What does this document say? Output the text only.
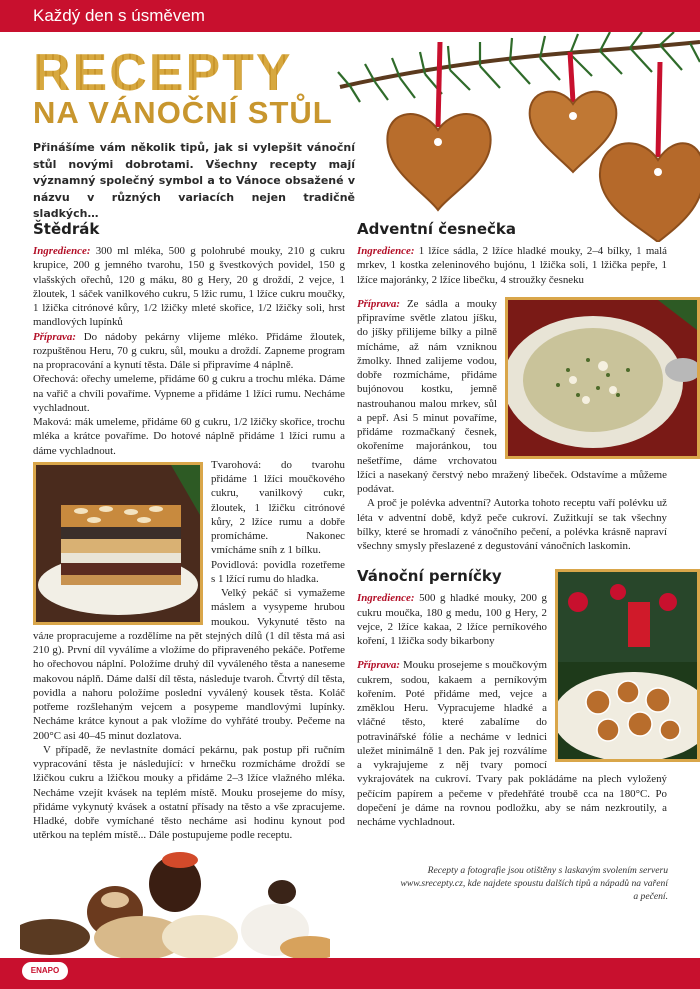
Každý den s úsměvem
RECEPTY
NA VÁNOČNÍ STŮL
Přinášíme vám několik tipů, jak si vylepšit vánoční stůl novými dobrotami. Všechny recepty mají významný společný symbol a to Vánoce obsažené v názvu v různých variacích nejen tradičně sladkých…
Štědrák

Ingredience: 300 ml mléka, 500 g polohrubé mouky, 210 g cukru krupice, 200 g jemného tvarohu, 150 g švestkových povidel, 150 g vlašských ořechů, 120 g máku, 80 g Hery, 20 g droždí, 2 vejce, 1 žloutek, 1 sáček vanilkového cukru, 5 lžic rumu, 1 lžíce cukru moučky, 1 lžička citrónové kůry, 1/2 lžičky mleté skořice, 1/2 lžičky soli, hrst mandlových lupínků

Příprava: Do nádoby pekárny vlijeme mléko. Přidáme žloutek, rozpuštěnou Heru, 70 g cukru, sůl, mouku a droždí. Zapneme program na propracování a kynutí těsta. Dále si připravíme 4 náplně.

Ořechová: ořechy umeleme, přidáme 60 g cukru a trochu mléka. Dáme na vařič a chvíli povaříme. Vypneme a přidáme 1 lžíci rumu. Necháme vychladnout.

Maková: mák umeleme, přidáme 60 g cukru, 1/2 lžičky skořice, trochu mléka a krátce povaříme. Do hotové náplně přidáme 1 lžíci rumu a dáme vychladnout.

Tvarohová: do tvarohu přidáme 1 lžíci moučkového cukru, vanilkový cukr, žloutek, 1 lžičku citrónové kůry, 2 lžíce rumu a dobře promícháme. Nakonec vmícháme sníh z 1 bílku.

Povidlová: povidla rozetřeme s 1 lžící rumu do hladka.

Velký pekáč si vymažeme máslem a vysypeme hrubou moukou. Vykynuté těsto na váле propracujeme a rozdělíme na pět stejných dílů (1 díl těsta má asi 210 g). První díl vyválíme a vložíme do připraveného pekáče. Potřeme ho ořechovou náplní. Položíme druhý díl vyváleného těsta a naneseme makovou náplň. Dáme další díl těsta, následuje tvaroh. Čtvrtý díl těsta, povidla a nahoru položíme poslední vyválený kousek těsta. Koláč potřeme rozšlehaným vejcem a posypeme mandlovými lupínky. Necháme krátce kynout a pak vložíme do vyhřáté trouby. Pečeme na 200°C asi 40–45 minut dozlatova.

V případě, že nevlastníte domácí pekárnu, pak postup při ručním vypracování těsta je následující: v hrnečku rozmícháme droždí se lžičkou cukru a lžičkou mouky a přidáme 2–3 lžíce vlažného mléka. Necháme vzejít kvásek na teplém místě. Mouku prosejeme do mísy, přidáme vykynutý kvásek a ostatní přísady na těsto a vše zpracujeme. Hladké, dobře vymíchané těsto necháme asi hodinu kynout pod utěrkou na teplém místě... Dále postupujeme podle receptu.

Adventní česnečka

Ingredience: 1 lžíce sádla, 2 lžíce hladké mouky, 2–4 bílky, 1 malá mrkev, 1 kostka zeleninového bujónu, 1 lžička soli, 1 lžička pepře, 1 lžíce majoránky, 2 lžíce libečku, 4 stroužky česneku

Příprava: Ze sádla a mouky připravíme světle zlatou jíšku, do jíšky přilijeme bílky a pilně mícháme, až nám vzniknou žmolky. Ihned zalijeme vodou, dobře rozmícháme, přidáme bujónovou kostku, jemně nastrouhanou malou mrkev, sůl a pepř. Asi 5 minut povaříme, přidáme rozmačkaný česnek, okořeníme majoránkou, tou nešetříme, dáme vrchovatou lžíci a nasekaný čerstvý nebo mražený libeček. Odstavíme a můžeme podávat.

A proč je polévka adventní? Autorka tohoto receptu vaří polévku už léta v adventní době, když peče cukroví. Zužitkují se tak všechny bílky, které se hromadí z vánočního pečení, a polévka krásně napraví všechny smysly přeslazené z degustování vánočních laskomin.

Vánoční perníčky

Ingredience: 500 g hladké mouky, 200 g cukru moučka, 180 g medu, 100 g Hery, 2 vejce, 2 lžíce kakaa, 2 lžíce perníkového koření, 1 lžička sody bikarbony

Příprava: Mouku prosejeme s moučkovým cukrem, sodou, kakaem a perníkovým kořením. Poté přidáme med, vejce a změklou Heru. Vypracujeme hladké a vláčné těsto, které zabalíme do potravinářské fólie a necháme v lednici uležet minimálně 1 den. Pak jej rozválíme a vykrajujeme z něj tvary pomocí vykrajovátek na cukroví. Tvary pak pokládáme na plech vyložený pečícím papírem a pečeme v předehřáté troubě cca na 180°C. Po dopečení je dáme na rovnou podložku, aby se nám nezkroutily, a necháme vychladnout.

Recepty a fotografie jsou otištěny s laskavým svolením serveru www.srecepty.cz, kde najdete spoustu dalších tipů a nápadů na vaření a pečení.
ENAPO
